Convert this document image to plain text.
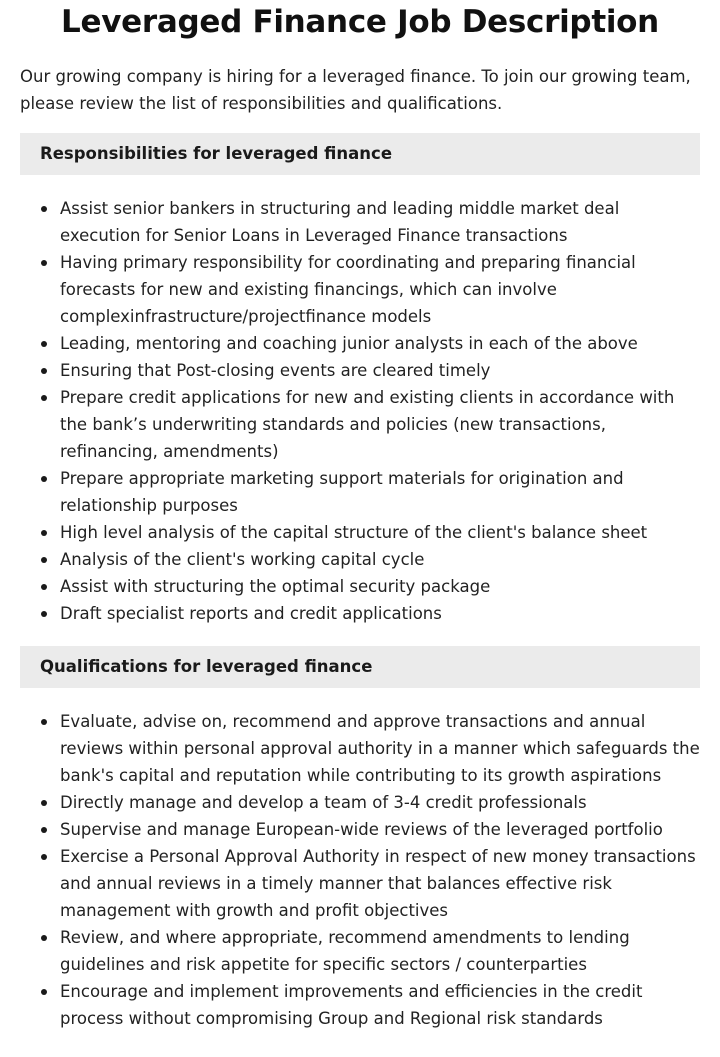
Leveraged Finance Job Description

Our growing company is hiring for a leveraged finance. To join our growing team, please review the list of responsibilities and qualifications.

Responsibilities for leveraged finance
Assist senior bankers in structuring and leading middle market deal execution for Senior Loans in Leveraged Finance transactions
Having primary responsibility for coordinating and preparing financial forecasts for new and existing financings, which can involve complexinfrastructure/projectfinance models
Leading, mentoring and coaching junior analysts in each of the above
Ensuring that Post-closing events are cleared timely
Prepare credit applications for new and existing clients in accordance with the bank’s underwriting standards and policies (new transactions, refinancing, amendments)
Prepare appropriate marketing support materials for origination and relationship purposes
High level analysis of the capital structure of the client's balance sheet
Analysis of the client's working capital cycle
Assist with structuring the optimal security package
Draft specialist reports and credit applications
Qualifications for leveraged finance
Evaluate, advise on, recommend and approve transactions and annual reviews within personal approval authority in a manner which safeguards the bank's capital and reputation while contributing to its growth aspirations
Directly manage and develop a team of 3-4 credit professionals
Supervise and manage European-wide reviews of the leveraged portfolio
Exercise a Personal Approval Authority in respect of new money transactions and annual reviews in a timely manner that balances effective risk management with growth and profit objectives
Review, and where appropriate, recommend amendments to lending guidelines and risk appetite for specific sectors / counterparties
Encourage and implement improvements and efficiencies in the credit process without compromising Group and Regional risk standards
